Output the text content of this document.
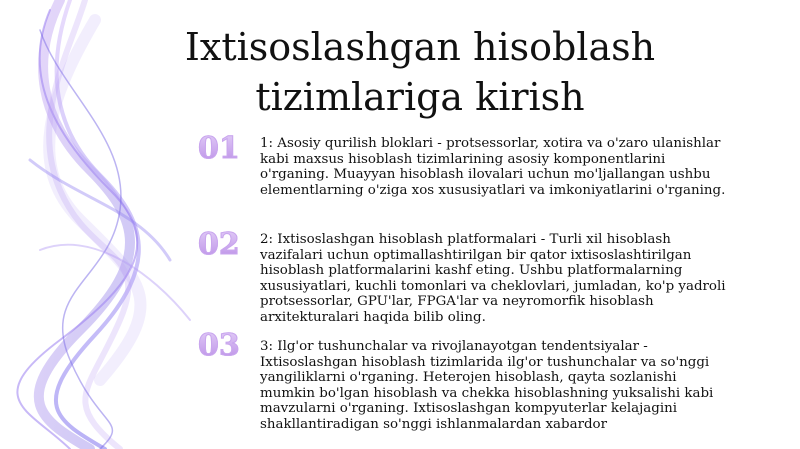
Ixtisoslashgan hisoblash tizimlariga kirish
01	1: Asosiy qurilish bloklari - protsessorlar, xotira va o'zaro ulanishlar kabi maxsus hisoblash tizimlarining asosiy komponentlarini o'rganing. Muayyan hisoblash ilovalari uchun mo'ljallangan ushbu elementlarning o'ziga xos xususiyatlari va imkoniyatlarini o'rganing.

02	2: Ixtisoslashgan hisoblash platformalari - Turli xil hisoblash vazifalari uchun optimallashtirilgan bir qator ixtisoslashtirilgan hisoblash platformalarini kashf eting. Ushbu platformalarning xususiyatlari, kuchli tomonlari va cheklovlari, jumladan, ko'p yadroli protsessorlar, GPU'lar, FPGA'lar va neyromorfik hisoblash arxitekturalari haqida bilib oling.

03	3: Ilg'or tushunchalar va rivojlanayotgan tendentsiyalar - Ixtisoslashgan hisoblash tizimlarida ilg'or tushunchalar va so'nggi yangiliklarni o'rganing. Heterojen hisoblash, qayta sozlanishi mumkin bo'lgan hisoblash va chekka hisoblashning yuksalishi kabi mavzularni o'rganing. Ixtisoslashgan kompyuterlar kelajagini shakllantiradigan so'nggi ishlanmalardan xabardor
